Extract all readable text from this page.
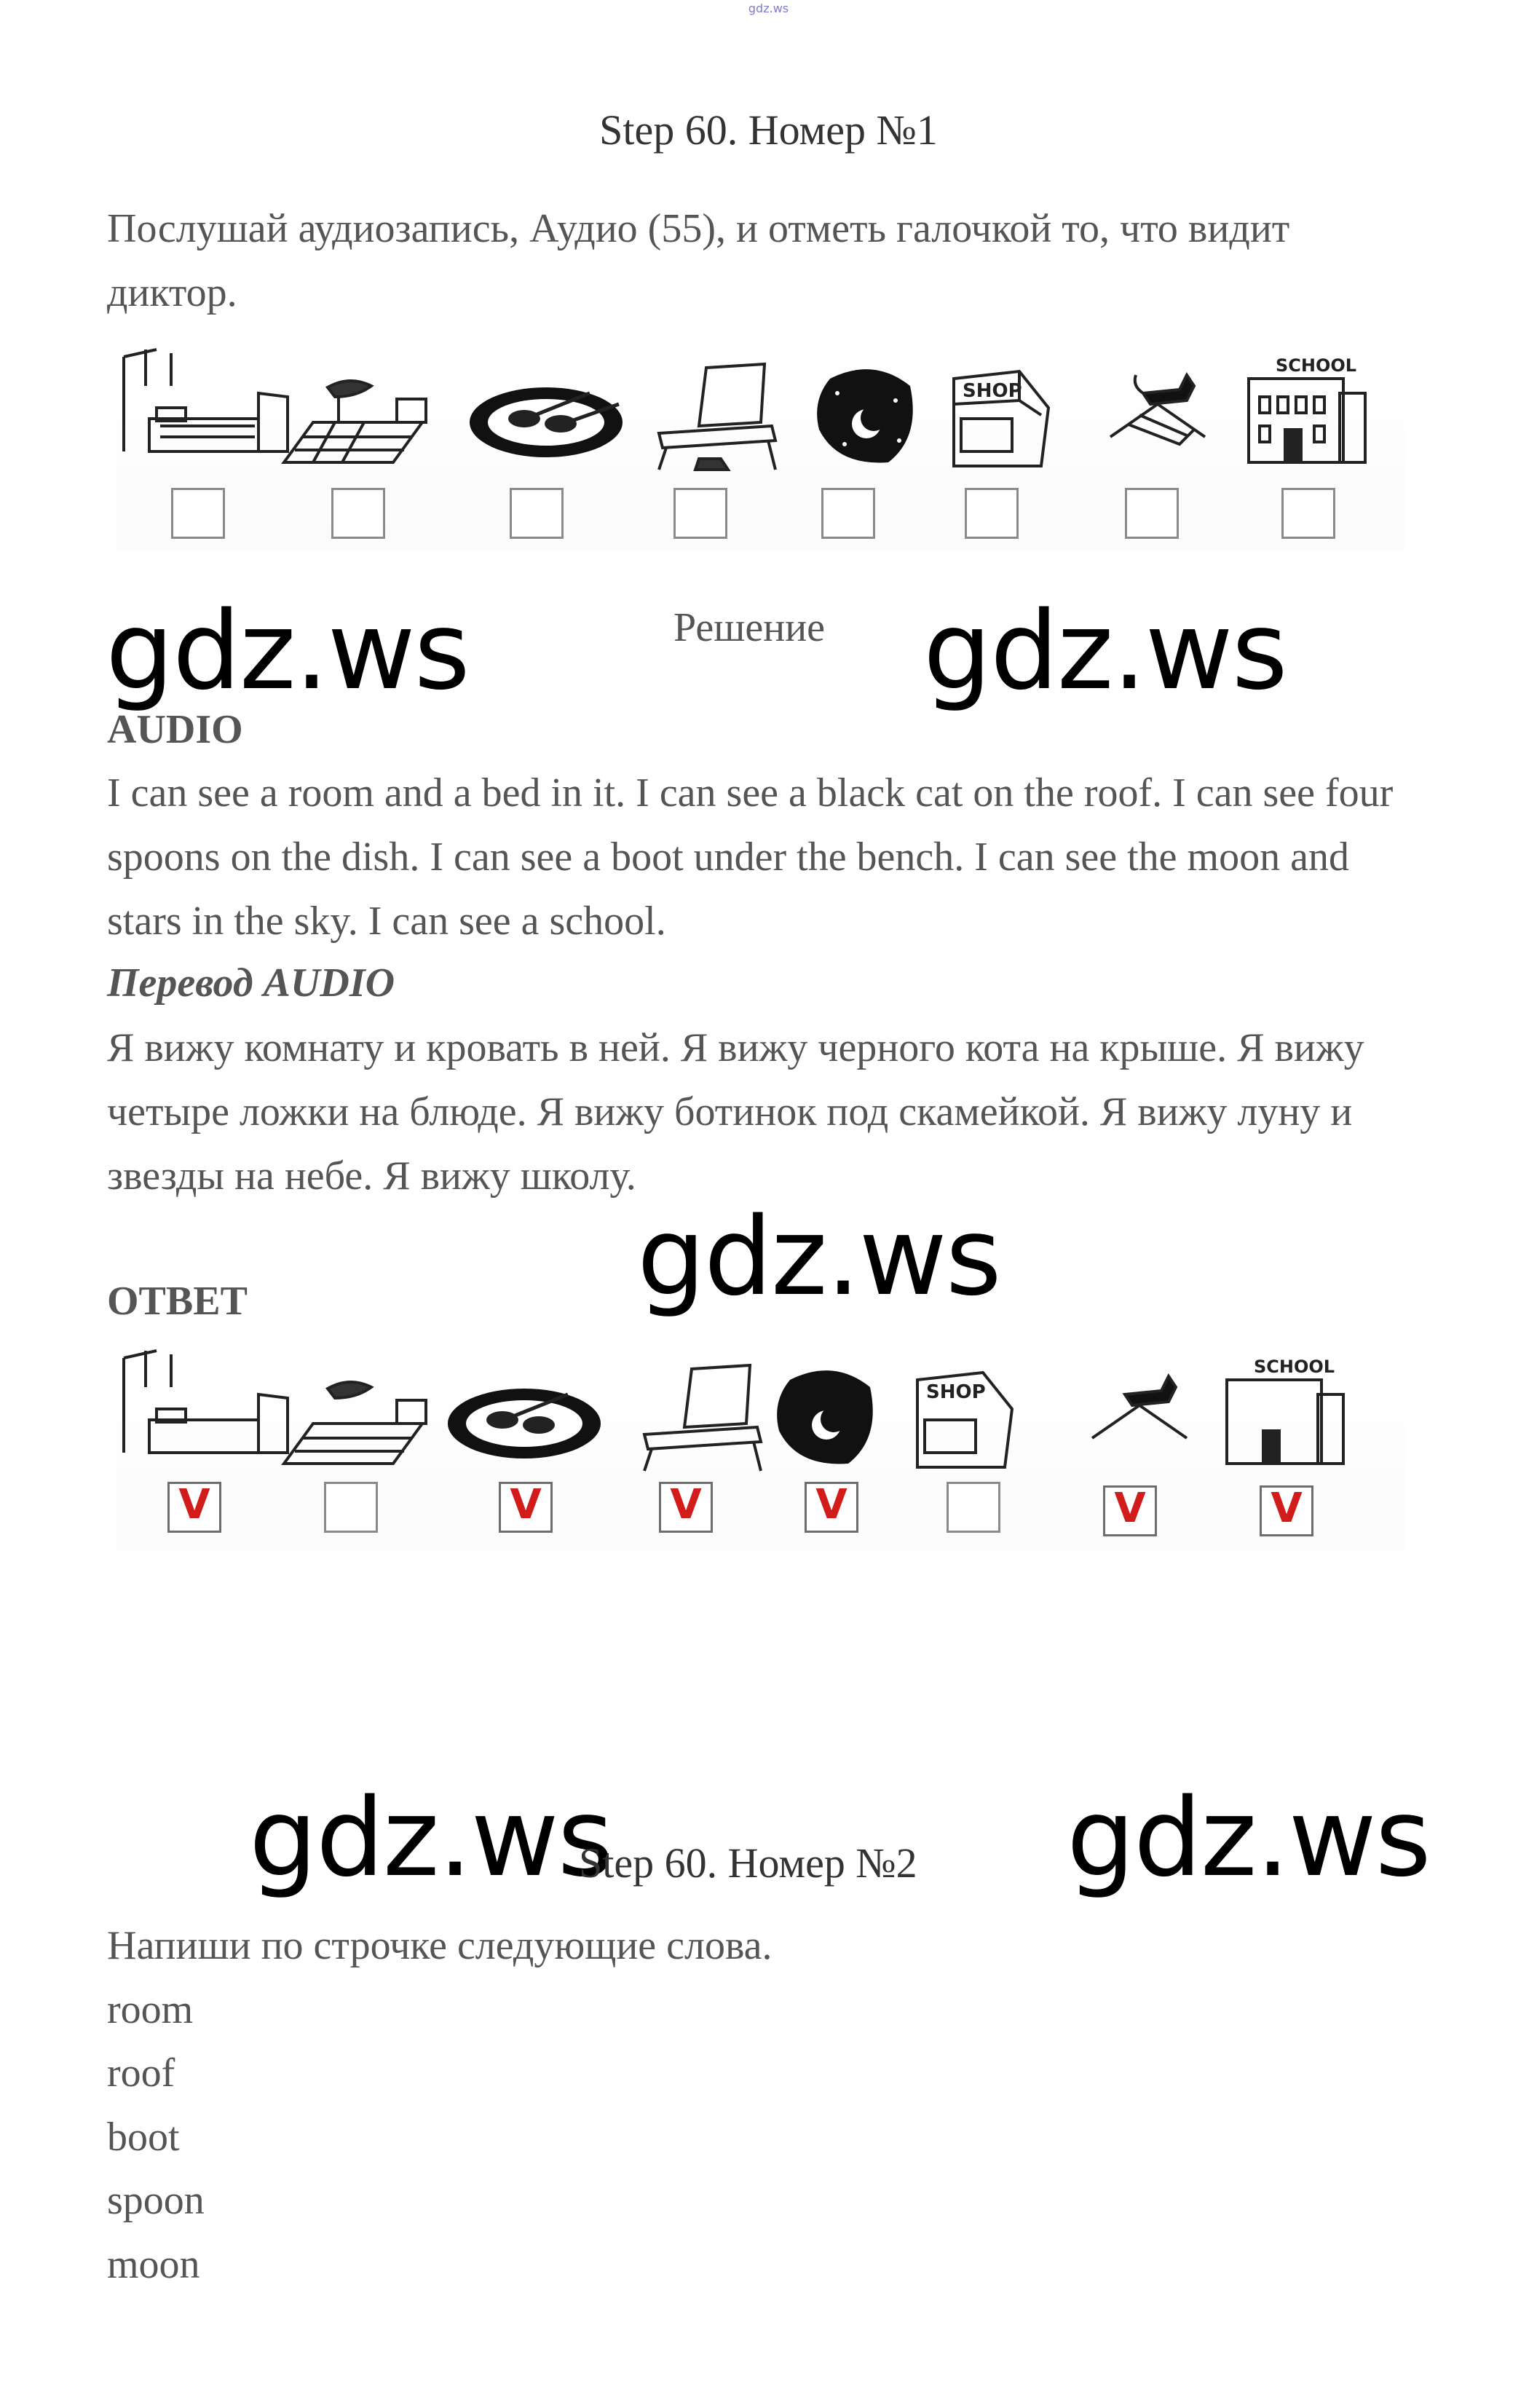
gdz.ws
Step 60. Номер №1
Послушай аудиозапись, Аудио (55), и отметь галочкой то, что видит диктор.
SHOP
SCHOOL
gdz.ws	Решение gdz.ws
AUDIO
I can see a room and a bed in it. I can see a black cat on the roof. I can see four spoons on the dish. I can see a boot under the bench. I can see the moon and stars in the sky. I can see a school.
Перевод AUDIO
Я вижу комнату и кровать в ней. Я вижу черного кота на крыше. Я вижу четыре ложки на блюде. Я вижу ботинок под скамейкой. Я вижу луну и звезды на небе. Я вижу школу.
gdz.ws
ОТВЕТ
SHOP
SCHOOL
V	V	V	V	V	V
gdz.ws
Step 60. Номер №2 gdz.ws
Напиши по строчке следующие слова.
room
roof
boot
spoon
moon
